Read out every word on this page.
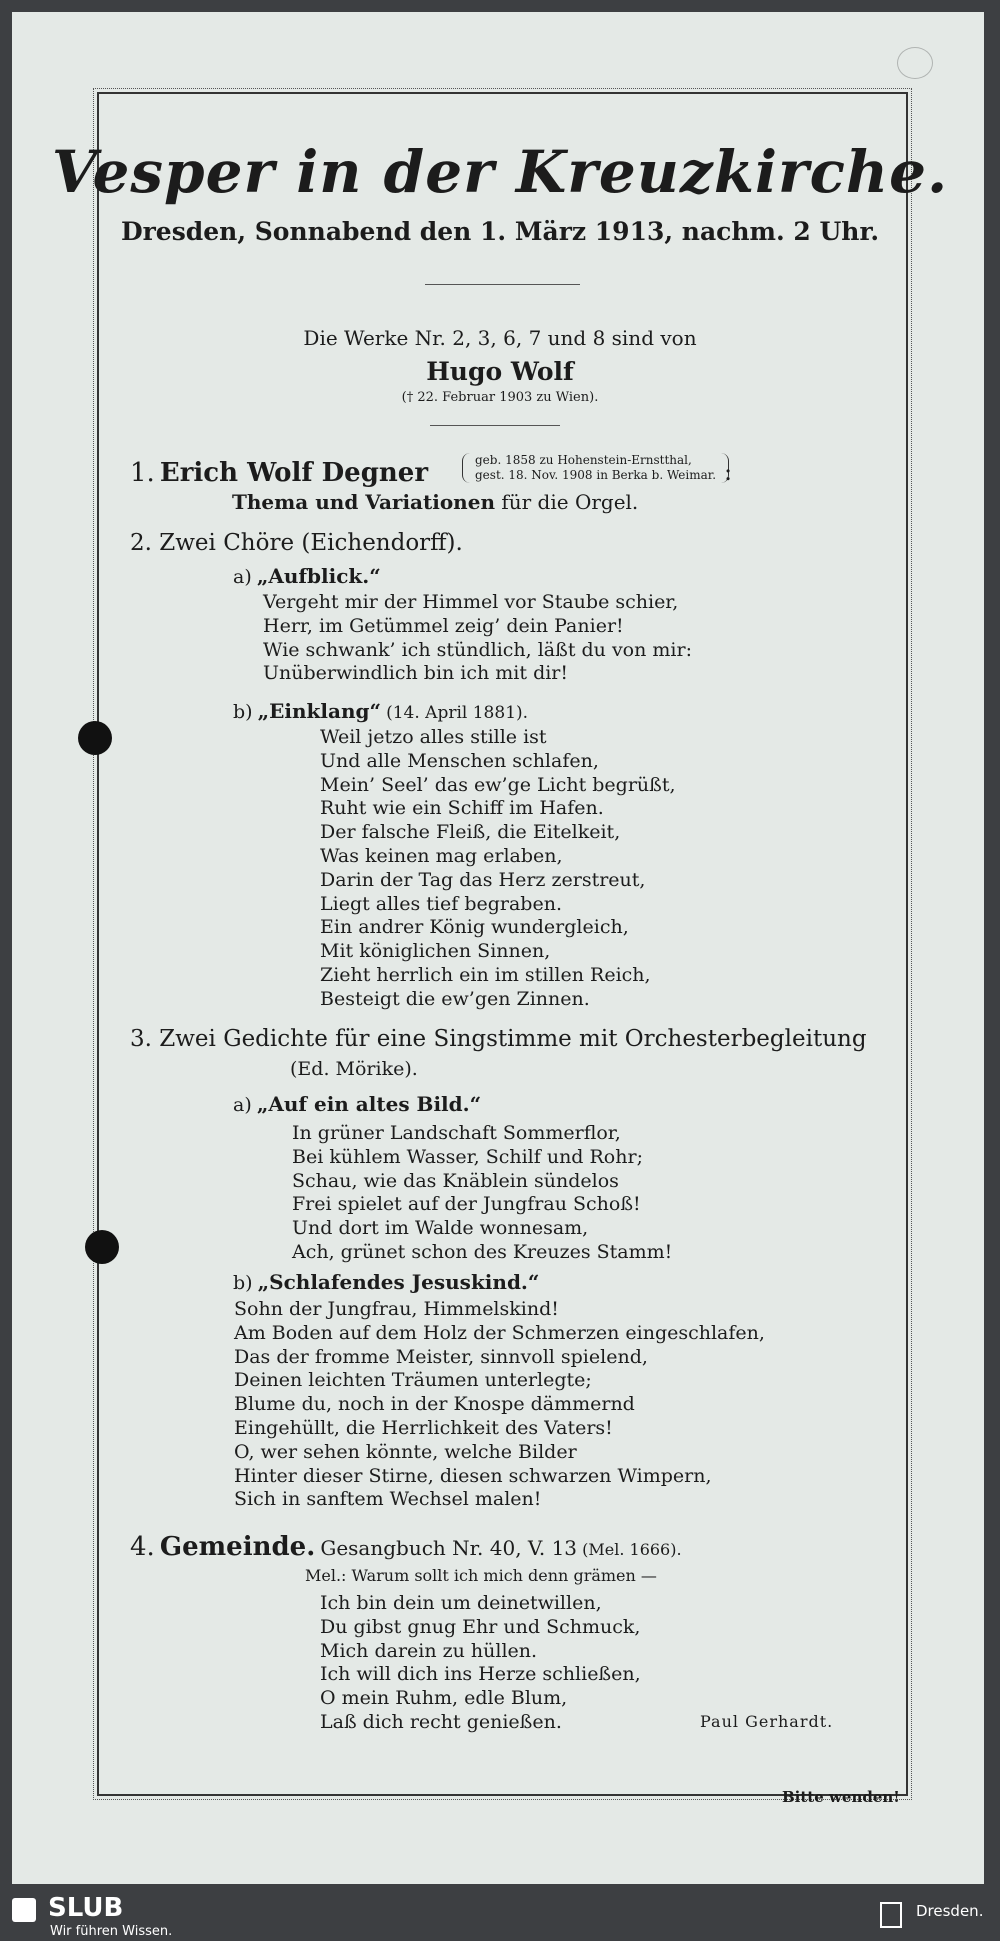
Vesper in der Kreuzkirche.
Dresden, Sonnabend den 1. März 1913, nachm. 2 Uhr.
Die Werke Nr. 2, 3, 6, 7 und 8 sind von
Hugo Wolf
(† 22. Februar 1903 zu Wien).
1. Erich Wolf Degner	geb. 1858 zu Hohenstein-Ernstthal,
gest. 18. Nov. 1908 in Berka b. Weimar. :
Thema und Variationen für die Orgel.
2. Zwei Chöre (Eichendorff).
a) „Aufblick.“
Vergeht mir der Himmel vor Staube schier,
Herr, im Getümmel zeig’ dein Panier!
Wie schwank’ ich stündlich, läßt du von mir:
Unüberwindlich bin ich mit dir!
b) „Einklang“ (14. April 1881).
Weil jetzo alles stille ist
Und alle Menschen schlafen,
Mein’ Seel’ das ew’ge Licht begrüßt,
Ruht wie ein Schiff im Hafen.
Der falsche Fleiß, die Eitelkeit,
Was keinen mag erlaben,
Darin der Tag das Herz zerstreut,
Liegt alles tief begraben.
Ein andrer König wundergleich,
Mit königlichen Sinnen,
Zieht herrlich ein im stillen Reich,
Besteigt die ew’gen Zinnen.
3. Zwei Gedichte für eine Singstimme mit Orchesterbegleitung
(Ed. Mörike).
a) „Auf ein altes Bild.“
In grüner Landschaft Sommerflor,
Bei kühlem Wasser, Schilf und Rohr;
Schau, wie das Knäblein sündelos
Frei spielet auf der Jungfrau Schoß!
Und dort im Walde wonnesam,
Ach, grünet schon des Kreuzes Stamm!
b) „Schlafendes Jesuskind.“
Sohn der Jungfrau, Himmelskind!
Am Boden auf dem Holz der Schmerzen eingeschlafen,
Das der fromme Meister, sinnvoll spielend,
Deinen leichten Träumen unterlegte;
Blume du, noch in der Knospe dämmernd
Eingehüllt, die Herrlichkeit des Vaters!
O, wer sehen könnte, welche Bilder
Hinter dieser Stirne, diesen schwarzen Wimpern,
Sich in sanftem Wechsel malen!
4. Gemeinde. Gesangbuch Nr. 40, V. 13 (Mel. 1666).
Mel.: Warum sollt ich mich denn grämen —
Ich bin dein um deinetwillen,
Du gibst gnug Ehr und Schmuck,
Mich darein zu hüllen.
Ich will dich ins Herze schließen,
O mein Ruhm, edle Blum,
Laß dich recht genießen.	Paul Gerhardt.
Bitte wenden!
SLUB
Wir führen Wissen.
Dresden.
